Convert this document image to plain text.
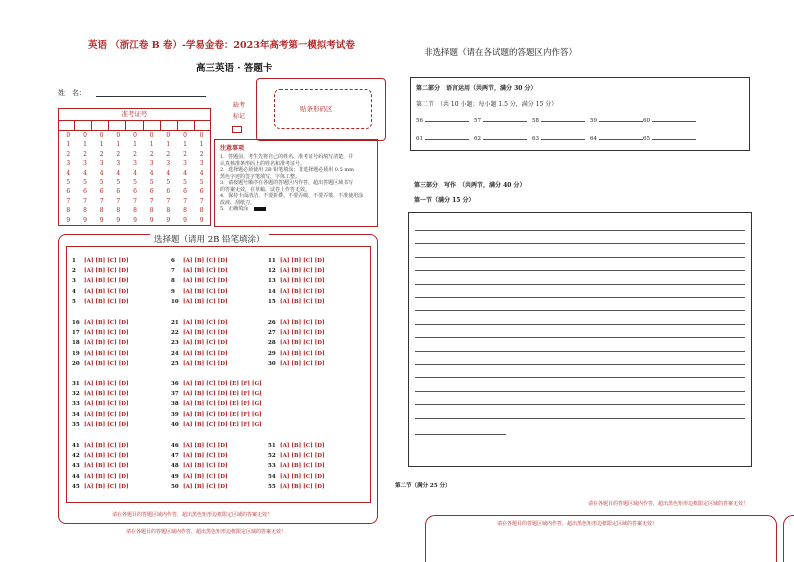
英语 （浙江卷 B 卷）-学易金卷：2023年高考第一模拟考试卷
高三英语 · 答题卡
非选择题（请在各试题的答题区内作答）
姓　名：
缺考
标记
贴条形码区
准考证号
0	0	0	0	0	0	0	0	0
1	1	1	1	1	1	1	1	1
2	2	2	2	2	2	2	2	2
3	3	3	3	3	3	3	3	3
4	4	4	4	4	4	4	4	4
5	5	5	5	5	5	5	5	5
6	6	6	6	6	6	6	6	6
7	7	7	7	7	7	7	7	7
8	8	8	8	8	8	8	8	8
9	9	9	9	9	9	9	9	9
注意事项
1．答题前，考生先将自己的姓名、准考证号码填写清楚，并
认真核准条形码上的姓名和准考证号。
2．选择题必须使用 2B 铅笔填涂；非选择题必须用 0.5 mm
黑色字迹的签字笔填写，字体工整。
3．请按题号顺序在各题的答题区内作答，超出答题区域书写
的答案无效，在草稿、试卷上作答无效。
4．保持卡面清洁，不要折叠、不要弄破、不要弄皱，不准使用涂
改液、刮纸刀。
5．正确填涂
选择题（请用 2B 铅笔填涂）
1 [A] [B] [C] [D]	6 [A] [B] [C] [D]	11 [A] [B] [C] [D]
2 [A] [B] [C] [D]	7 [A] [B] [C] [D]	12 [A] [B] [C] [D]
3 [A] [B] [C] [D]	8 [A] [B] [C] [D]	13 [A] [B] [C] [D]
4 [A] [B] [C] [D]	9 [A] [B] [C] [D]	14 [A] [B] [C] [D]
5 [A] [B] [C] [D]	10 [A] [B] [C] [D]	15 [A] [B] [C] [D]
16 [A] [B] [C] [D]	21 [A] [B] [C] [D]	26 [A] [B] [C] [D]
17 [A] [B] [C] [D]	22 [A] [B] [C] [D]	27 [A] [B] [C] [D]
18 [A] [B] [C] [D]	23 [A] [B] [C] [D]	28 [A] [B] [C] [D]
19 [A] [B] [C] [D]	24 [A] [B] [C] [D]	29 [A] [B] [C] [D]
20 [A] [B] [C] [D]	25 [A] [B] [C] [D]	30 [A] [B] [C] [D]
31 [A] [B] [C] [D]	36 [A] [B] [C] [D] [E] [F] [G]
32 [A] [B] [C] [D]	37 [A] [B] [C] [D] [E] [F] [G]
33 [A] [B] [C] [D]	38 [A] [B] [C] [D] [E] [F] [G]
34 [A] [B] [C] [D]	39 [A] [B] [C] [D] [E] [F] [G]
35 [A] [B] [C] [D]	40 [A] [B] [C] [D] [E] [F] [G]
41 [A] [B] [C] [D]	46 [A] [B] [C] [D]	51 [A] [B] [C] [D]
42 [A] [B] [C] [D]	47 [A] [B] [C] [D]	52 [A] [B] [C] [D]
43 [A] [B] [C] [D]	48 [A] [B] [C] [D]	53 [A] [B] [C] [D]
44 [A] [B] [C] [D]	49 [A] [B] [C] [D]	54 [A] [B] [C] [D]
45 [A] [B] [C] [D]	50 [A] [B] [C] [D]	55 [A] [B] [C] [D]
请在各题目的答题区域内作答，超出黑色矩形边框限定区域的答案无效！
请在各题目的答题区域内作答，超出黑色矩形边框限定区域的答案无效！
第二部分　语言运用（共两节，满分 30 分）
第二节　（共 10 小题；每小题 1.5 分，满分 15 分）
56	57	58	59	60
61	62	63	64	65
第三部分　写作　（共两节，满分 40 分）
第一节（满分 15 分）
第二节（满分 25 分）
请在各题目的答题区域内作答，超出黑色矩形边框限定区域的答案无效！
请在各题目的答题区域内作答，超出黑色矩形边框限定区域的答案无效！
